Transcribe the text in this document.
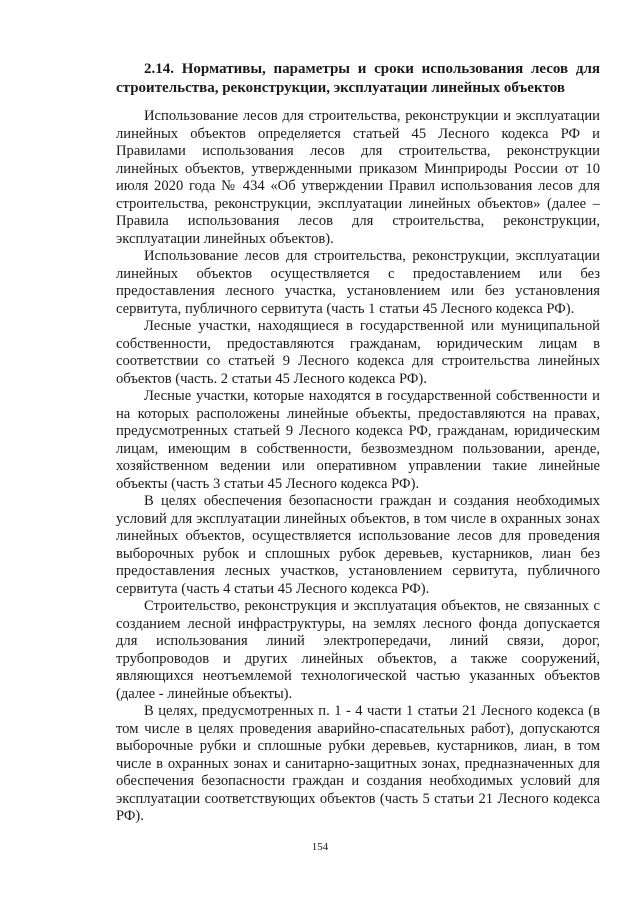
2.14. Нормативы, параметры и сроки использования лесов для строительства, реконструкции, эксплуатации линейных объектов

Использование лесов для строительства, реконструкции и эксплуатации линейных объектов определяется статьей 45 Лесного кодекса РФ и Правилами использования лесов для строительства, реконструкции линейных объектов, утвержденными приказом Минприроды России от 10 июля 2020 года № 434 «Об утверждении Правил использования лесов для строительства, реконструкции, эксплуатации линейных объектов» (далее – Правила использования лесов для строительства, реконструкции, эксплуатации линейных объектов).

Использование лесов для строительства, реконструкции, эксплуатации линейных объектов осуществляется с предоставлением или без предоставления лесного участка, установлением или без установления сервитута, публичного сервитута (часть 1 статьи 45 Лесного кодекса РФ).

Лесные участки, находящиеся в государственной или муниципальной собственности, предоставляются гражданам, юридическим лицам в соответствии со статьей 9 Лесного кодекса для строительства линейных объектов (часть. 2 статьи 45 Лесного кодекса РФ).

Лесные участки, которые находятся в государственной собственности и на которых расположены линейные объекты, предоставляются на правах, предусмотренных статьей 9 Лесного кодекса РФ, гражданам, юридическим лицам, имеющим в собственности, безвозмездном пользовании, аренде, хозяйственном ведении или оперативном управлении такие линейные объекты (часть 3 статьи 45 Лесного кодекса РФ).

В целях обеспечения безопасности граждан и создания необходимых условий для эксплуатации линейных объектов, в том числе в охранных зонах линейных объектов, осуществляется использование лесов для проведения выборочных рубок и сплошных рубок деревьев, кустарников, лиан без предоставления лесных участков, установлением сервитута, публичного сервитута (часть 4 статьи 45 Лесного кодекса РФ).

Строительство, реконструкция и эксплуатация объектов, не связанных с созданием лесной инфраструктуры, на землях лесного фонда допускается для использования линий электропередачи, линий связи, дорог, трубопроводов и других линейных объектов, а также сооружений, являющихся неотъемлемой технологической частью указанных объектов (далее - линейные объекты).

В целях, предусмотренных п. 1 - 4 части 1 статьи 21 Лесного кодекса (в том числе в целях проведения аварийно-спасательных работ), допускаются выборочные рубки и сплошные рубки деревьев, кустарников, лиан, в том числе в охранных зонах и санитарно-защитных зонах, предназначенных для обеспечения безопасности граждан и создания необходимых условий для эксплуатации соответствующих объектов (часть 5 статьи 21 Лесного кодекса РФ).

154
